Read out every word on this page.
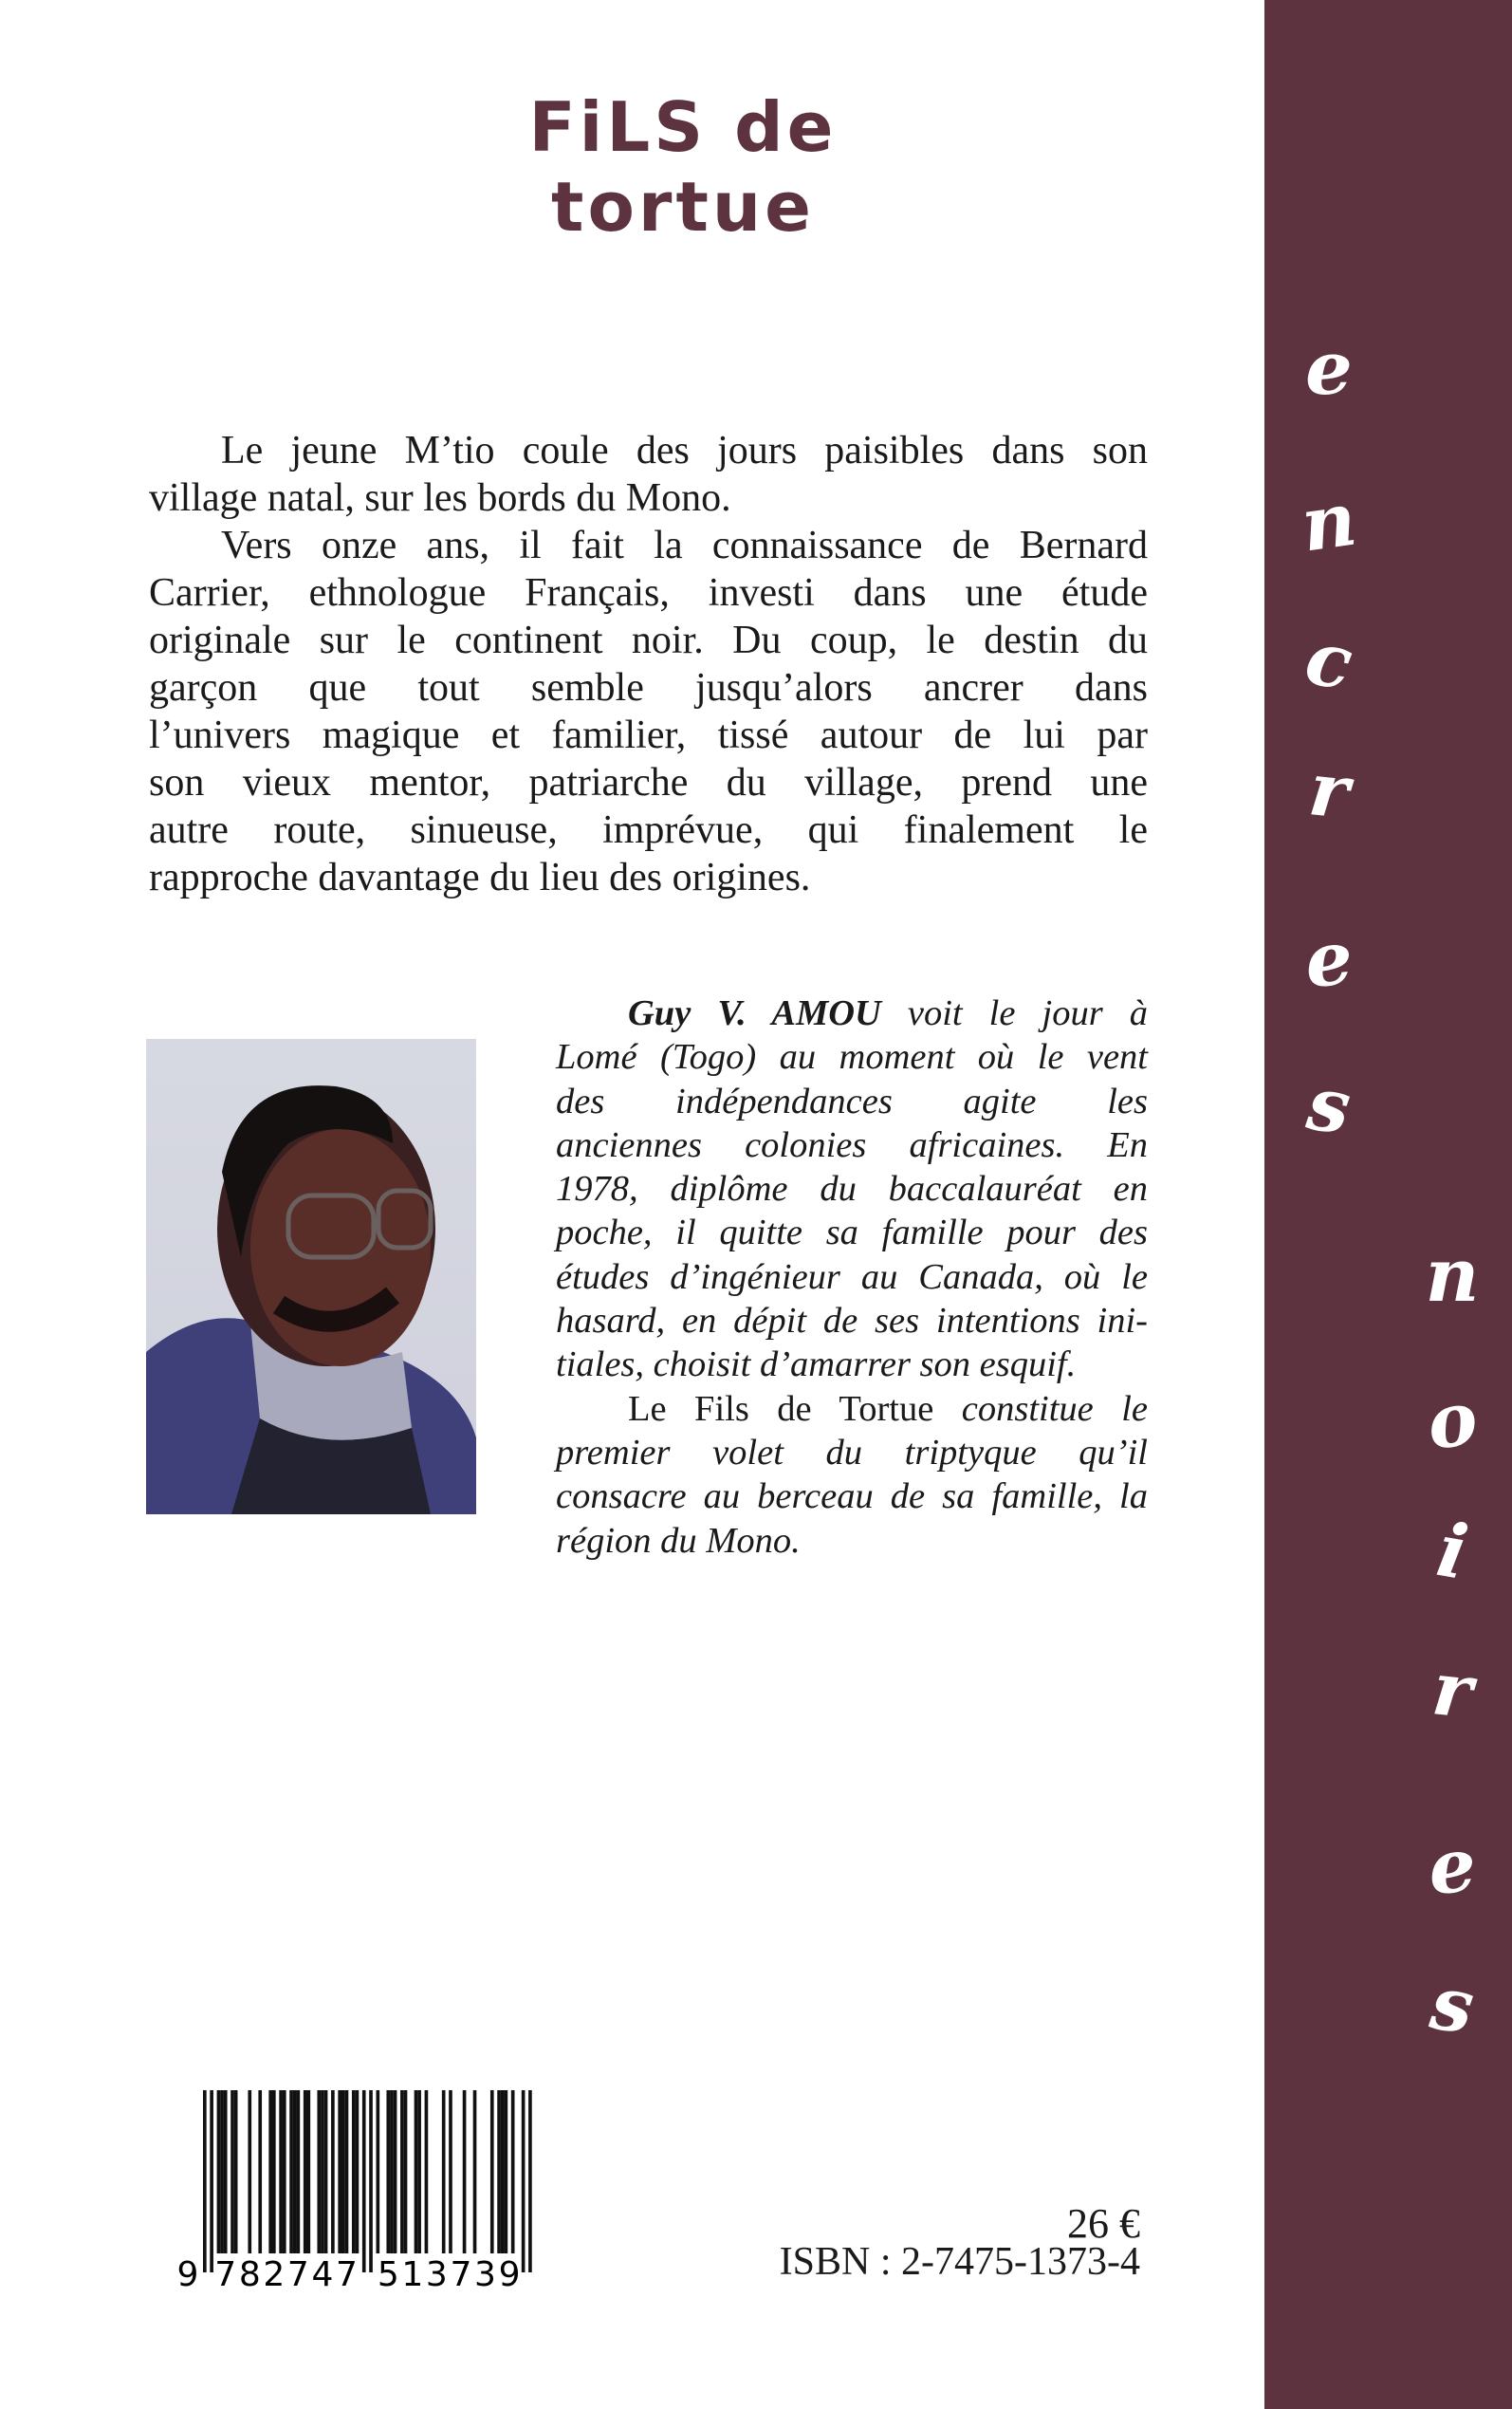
e
n
c
r
e
s
n
o
i
r
e
s
FiLS de tortue
Le jeune M’tio coule des jours paisibles dans son
village natal, sur les bords du Mono.
Vers onze ans, il fait la connaissance de Bernard
Carrier, ethnologue Français, investi dans une étude
originale sur le continent noir. Du coup, le destin du
garçon que tout semble jusqu’alors ancrer dans
l’univers magique et familier, tissé autour de lui par
son vieux mentor, patriarche du village, prend une
autre route, sinueuse, imprévue, qui finalement le
rapproche davantage du lieu des origines.
Guy V. AMOU voit le jour à
Lomé (Togo) au moment où le vent
des indépendances agite les
anciennes colonies africaines. En
1978, diplôme du baccalauréat en
poche, il quitte sa famille pour des
études d’ingénieur au Canada, où le
hasard, en dépit de ses intentions ini-
tiales, choisit d’amarrer son esquif.
Le Fils de Tortue constitue le
premier volet du triptyque qu’il
consacre au berceau de sa famille, la
région du Mono.
9 7 8 2 7 4 7 5 1 3 7 3 9
26 €
ISBN : 2-7475-1373-4
